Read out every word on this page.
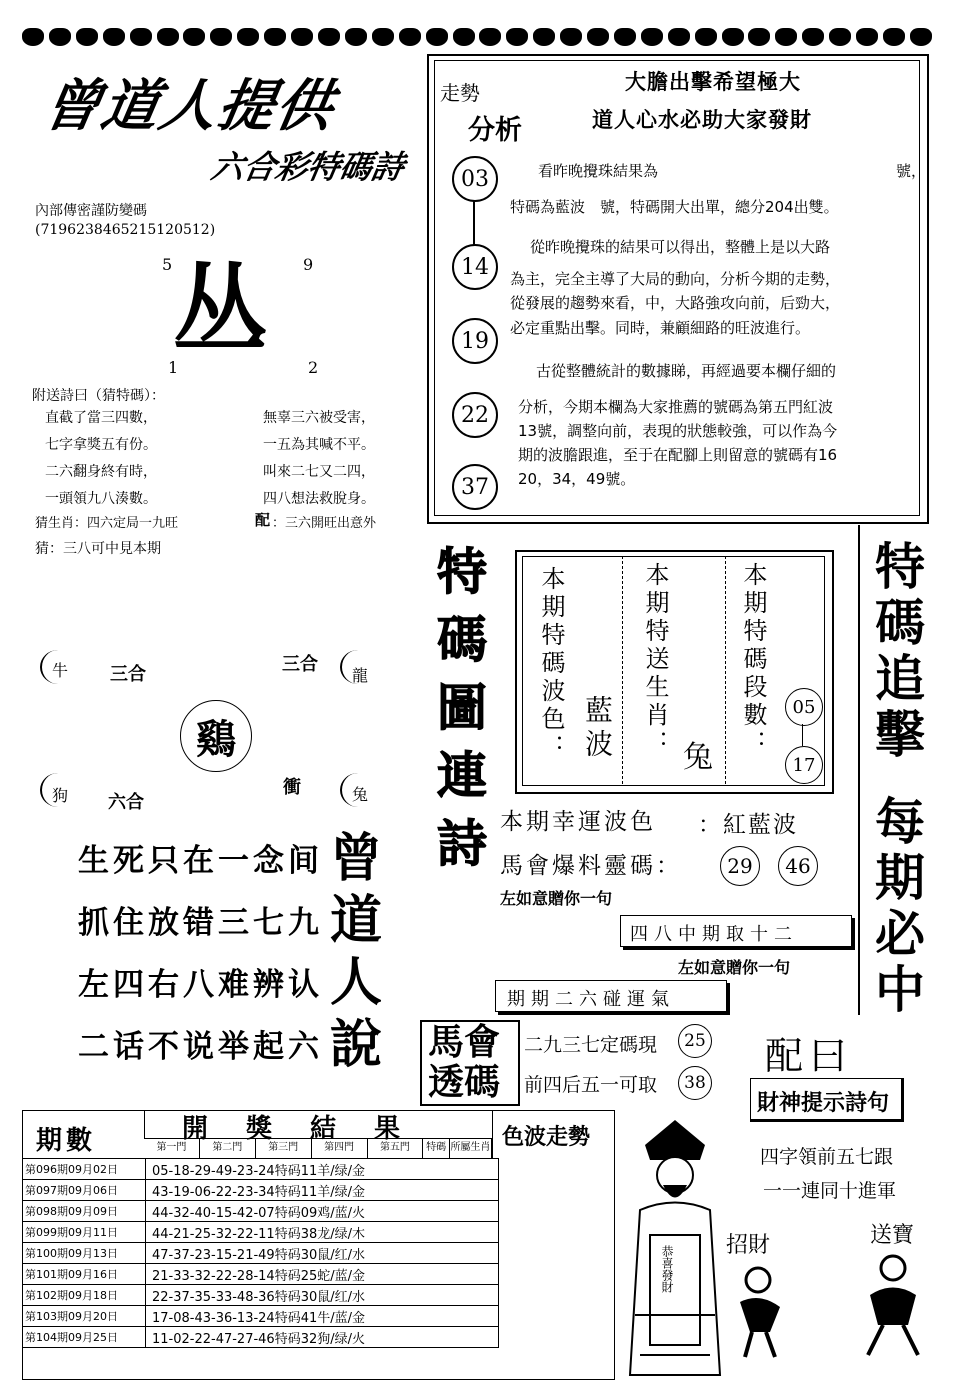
曾道人提供
六合彩特碼詩
內部傳密謹防變碼
(719623846521512051​2)
5	9
丛
1	2
附送詩曰（猜特碼）：
直截了當三四數，
七字拿獎五有份。
二六翻身終有時，
一頭領九八湊數。
無辜三六被受害，
一五為其喊不平。
叫來二七又二四，
四八想法救脫身。
猜生肖：四六定局一九旺	配 ：三六開旺出意外
猜：三八可中見本期
牛 三合	三合
龍
鷄
衝
狗 六合	兔
生死只在一念间
抓住放错三七九
左四右八难辨认
二话不说举起六
曾
道
人
說
走勢
分析
大膽出擊希望極大
道人心水必助大家發財
03
14
19
22
37
看昨晚攪珠結果為	號，
特碼為藍波　號，特碼開大出單，總分204出雙。
從昨晚攪珠的結果可以得出，整體上是以大路
為主，完全主導了大局的動向，分析今期的走勢，
從發展的趨勢來看，中，大路強攻向前，后勁大，
必定重點出擊。同時，兼顧細路的旺波進行。
古從整體統計的數據睇，再經過要本欄仔細的
分析，今期本欄為大家推薦的號碼為第五門紅波
13號，調整向前，表現的狀態較強，可以作為今
期的波膽跟進，至于在配腳上則留意的號碼有16
20，34，49號。
特碼圖連詩 本期特碼波色： 藍波 本期特送生肖： 兔 本期特碼段數： 05
17
本期幸運波色 ：紅藍波
馬會爆料靈碼： 29 46
左如意贈你一句
四八中期取十二
左如意贈你一句
期期二六碰運氣
特碼追擊
每期必中
馬會透碼
二九三七定碼現 25
前四后五一可取 38
配曰
財神提示詩句
四字領前五七跟
一一連同十進軍
恭喜發財 招財	送寶
期數	開　獎　結　果	色波走勢
第一門	第二門	第三門	第四門	第五門	特碼 所屬生肖
第096期09月02日	05-18-29-49-23-24特码11羊/绿/金	
第097期09月06日	43-19-06-22-23-34特码11羊/绿/金	
第098期09月09日	44-32-40-15-42-07特码09鸡/蓝/火	
第099期09月11日	44-21-25-32-22-11特码38龙/绿/木	
第100期09月13日	47-37-23-15-21-49特码30鼠/红/水	
第101期09月16日	21-33-32-22-28-14特码25蛇/蓝/金	
第102期09月18日	22-37-35-33-48-36特码30鼠/红/水	
第103期09月20日	17-08-43-36-13-24特码41牛/蓝/金	
第104期09月25日	11-02-22-47-27-46特码32狗/绿/火	
